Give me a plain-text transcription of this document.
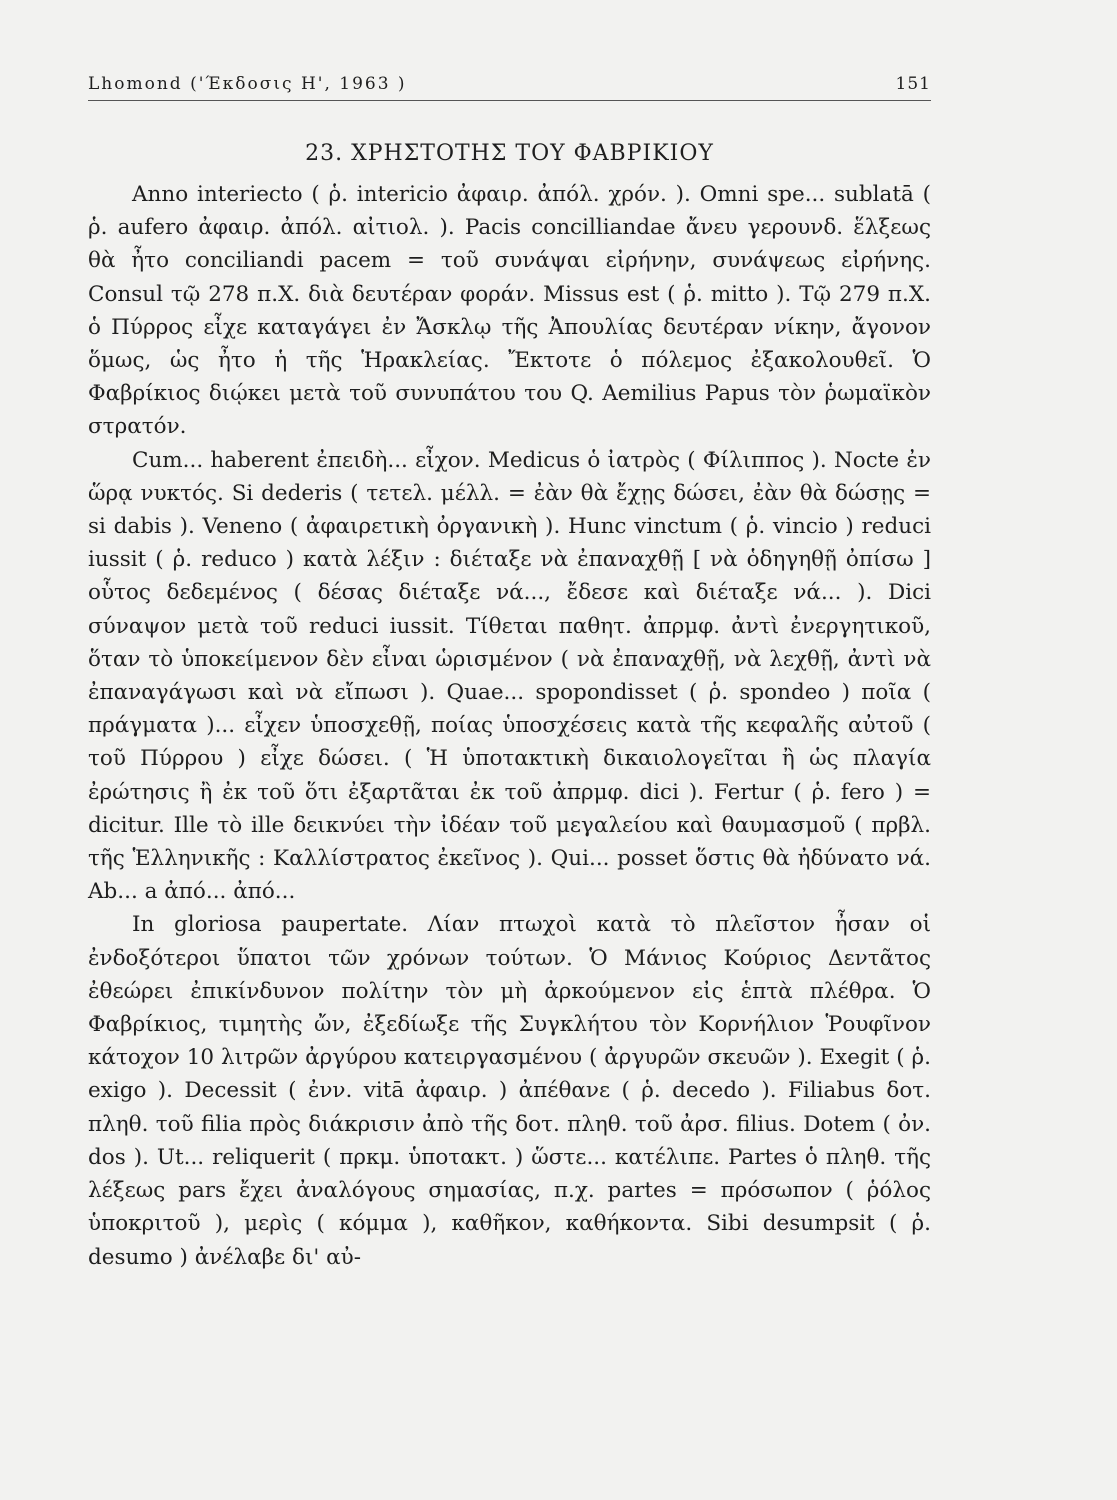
Lhomond ('Έκδοσις Η', 1963 )	151
23. ΧΡΗΣΤΟΤΗΣ ΤΟΥ ΦΑΒΡΙΚΙΟΥ

Anno interiecto ( ῥ. intericio ἀφαιρ. ἀπόλ. χρόν. ). Omni spe... sublatā ( ῥ. aufero ἀφαιρ. ἀπόλ. αἰτιολ. ). Pacis concilliandae ἄνευ γερουνδ. ἕλξεως θὰ ἦτο conciliandi pacem = τοῦ συνάψαι εἰρήνην, συνάψεως εἰρήνης. Consul τῷ 278 π.Χ. διὰ δευτέραν φοράν. Missus est ( ῥ. mitto ). Τῷ 279 π.Χ. ὁ Πύρρος εἶχε καταγάγει ἐν Ἄσκλῳ τῆς Ἀπουλίας δευτέραν νίκην, ἄγονον ὅμως, ὡς ἦτο ἡ τῆς Ἡρακλείας. Ἔκτοτε ὁ πόλεμος ἐξακολουθεῖ. Ὁ Φαβρίκιος διῴκει μετὰ τοῦ συνυπάτου του Q. Aemilius Papus τὸν ῥωμαϊκὸν στρατόν.

Cum... haberent ἐπειδὴ... εἶχον. Medicus ὁ ἰατρὸς ( Φίλιππος ). Nocte ἐν ὥρᾳ νυκτός. Si dederis ( τετελ. μέλλ. = ἐὰν θὰ ἔχῃς δώσει, ἐὰν θὰ δώσῃς = si dabis ). Veneno ( ἀφαιρετικὴ ὀργανικὴ ). Hunc vinctum ( ῥ. vincio ) reduci iussit ( ῥ. reduco ) κατὰ λέξιν : διέταξε νὰ ἐπαναχθῇ [ νὰ ὁδηγηθῇ ὀπίσω ] οὗτος δεδεμένος ( δέσας διέταξε νά..., ἔδεσε καὶ διέταξε νά... ). Dici σύναψον μετὰ τοῦ reduci iussit. Τίθεται παθητ. ἀπρμφ. ἀντὶ ἐνεργητικοῦ, ὅταν τὸ ὑποκείμενον δὲν εἶναι ὡρισμένον ( νὰ ἐπαναχθῇ, νὰ λεχθῇ, ἀντὶ νὰ ἐπαναγάγωσι καὶ νὰ εἴπωσι ). Quae... spopondisset ( ῥ. spondeo ) ποῖα ( πράγματα )... εἶχεν ὑποσχεθῇ, ποίας ὑποσχέσεις κατὰ τῆς κεφαλῆς αὐτοῦ ( τοῦ Πύρρου ) εἶχε δώσει. ( Ἡ ὑποτακτικὴ δικαιολογεῖται ἢ ὡς πλαγία ἐρώτησις ἢ ἐκ τοῦ ὅτι ἐξαρτᾶται ἐκ τοῦ ἀπρμφ. dici ). Fertur ( ῥ. fero ) = dicitur. Ille τὸ ille δεικνύει τὴν ἰδέαν τοῦ μεγαλείου καὶ θαυμασμοῦ ( πρβλ. τῆς Ἑλληνικῆς : Καλλίστρατος ἐκεῖνος ). Qui... posset ὅστις θὰ ἠδύνατο νά. Ab... a ἀπό... ἀπό...

In gloriosa paupertate. Λίαν πτωχοὶ κατὰ τὸ πλεῖστον ἦσαν οἱ ἐνδοξότεροι ὕπατοι τῶν χρόνων τούτων. Ὁ Μάνιος Κούριος Δεντᾶτος ἐθεώρει ἐπικίνδυνον πολίτην τὸν μὴ ἀρκούμενον εἰς ἑπτὰ πλέθρα. Ὁ Φαβρίκιος, τιμητὴς ὤν, ἐξεδίωξε τῆς Συγκλήτου τὸν Κορνήλιον Ῥουφῖνον κάτοχον 10 λιτρῶν ἀργύρου κατειργασμένου ( ἀργυρῶν σκευῶν ). Exegit ( ῥ. exigo ). Decessit ( ἐνν. vitā ἀφαιρ. ) ἀπέθανε ( ῥ. decedo ). Filiabus δοτ. πληθ. τοῦ filia πρὸς διάκρισιν ἀπὸ τῆς δοτ. πληθ. τοῦ ἀρσ. filius. Dotem ( ὀν. dos ). Ut... reliquerit ( πρκμ. ὑποτακτ. ) ὥστε... κατέλιπε. Partes ὁ πληθ. τῆς λέξεως pars ἔχει ἀναλόγους σημασίας, π.χ. partes = πρόσωπον ( ῥόλος ὑποκριτοῦ ), μερὶς ( κόμμα ), καθῆκον, καθήκοντα. Sibi desumpsit ( ῥ. desumo ) ἀνέλαβε δι' αὐ-
